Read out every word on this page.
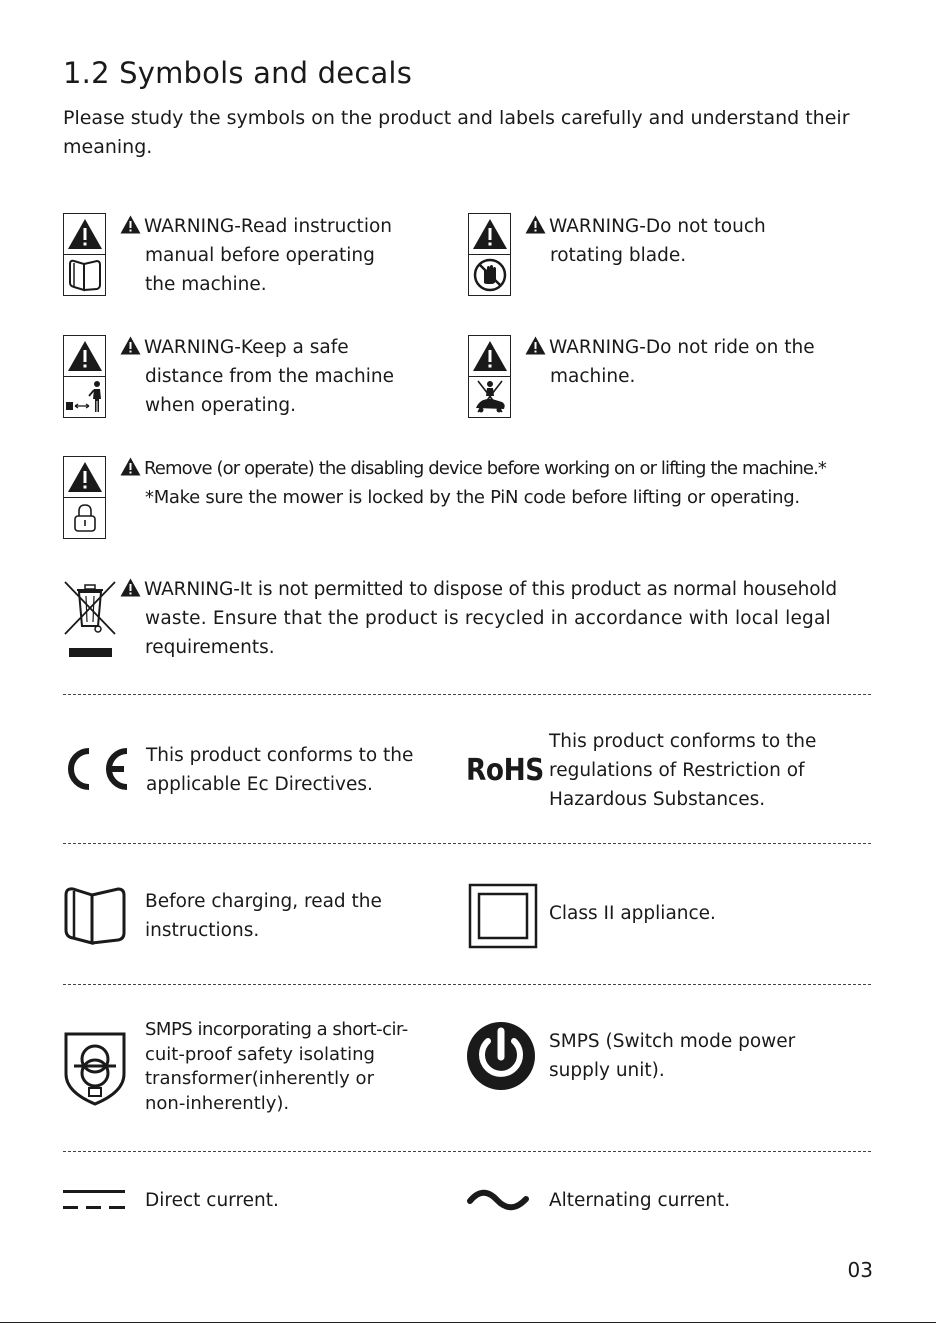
1.2 Symbols and decals

Please study the symbols on the product and labels carefully and understand their meaning.

WARNING-Read instruction
manual before operating
the machine.
WARNING-Do not touch
rotating blade.
WARNING-Keep a safe
distance from the machine
when operating.
WARNING-Do not ride on the
machine.
Remove (or operate) the disabling device before working on or lifting the machine.*
*Make sure the mower is locked by the PiN code before lifting or operating.
WARNING-It is not permitted to dispose of this product as normal household
waste. Ensure that the product is recycled in accordance with local legal
requirements.
This product conforms to the
applicable Ec Directives.	RoHS
This product conforms to the
regulations of Restriction of
Hazardous Substances.
Before charging, read the
instructions.
Class II appliance.
SMPS incorporating a short-cir-
cuit-proof safety isolating
transformer(inherently or
non-inherently).
SMPS (Switch mode power
supply unit).
Direct current.	Alternating current.
03
